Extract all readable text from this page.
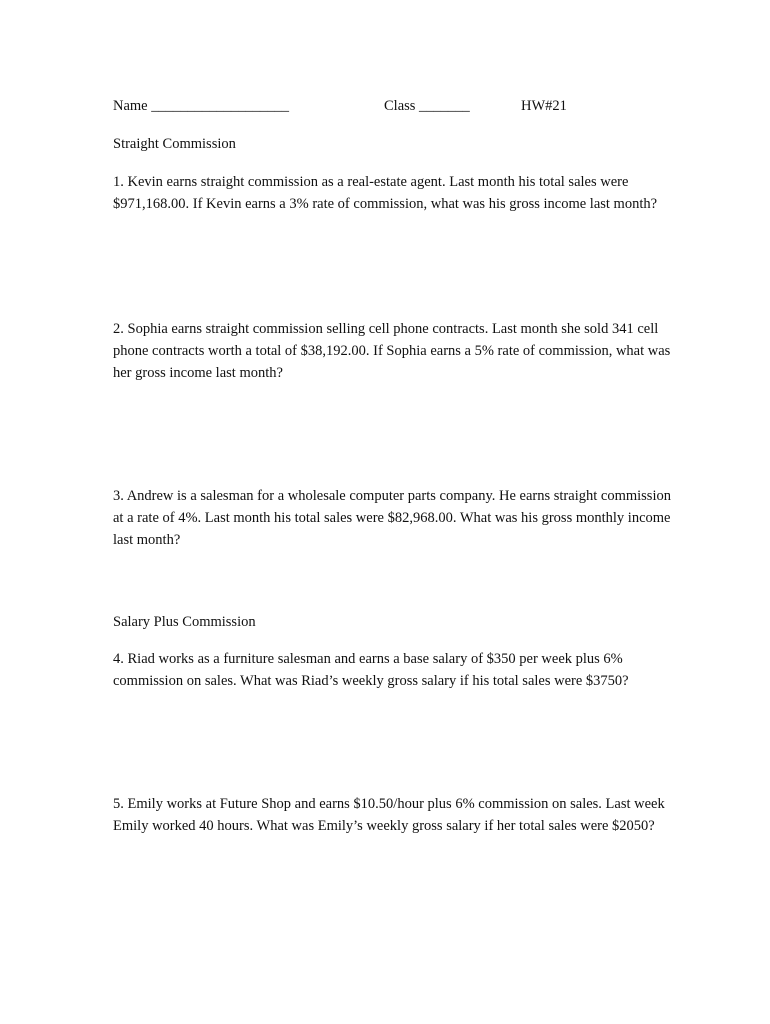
Name ___________________	Class _______	HW#21
Straight Commission
1. Kevin earns straight commission as a real-estate agent. Last month his total sales were $971,168.00. If Kevin earns a 3% rate of commission, what was his gross income last month?
2. Sophia earns straight commission selling cell phone contracts. Last month she sold 341 cell phone contracts worth a total of $38,192.00. If Sophia earns a 5% rate of commission, what was her gross income last month?
3. Andrew is a salesman for a wholesale computer parts company. He earns straight commission at a rate of 4%. Last month his total sales were $82,968.00. What was his gross monthly income last month?
Salary Plus Commission
4. Riad works as a furniture salesman and earns a base salary of $350 per week plus 6% commission on sales. What was Riad’s weekly gross salary if his total sales were $3750?
5. Emily works at Future Shop and earns $10.50/hour plus 6% commission on sales. Last week Emily worked 40 hours. What was Emily’s weekly gross salary if her total sales were $2050?
